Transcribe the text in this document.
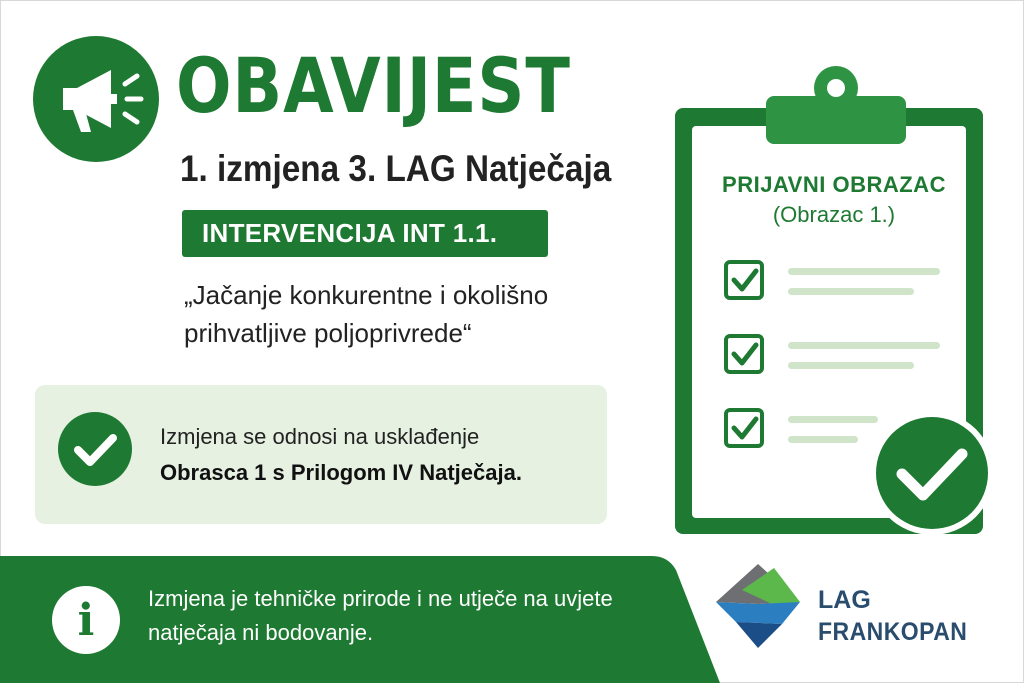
OBAVIJEST
1. izmjena 3. LAG Natječaja
INTERVENCIJA INT 1.1.
„Jačanje konkurentne i okolišno
prihvatljive poljoprivrede“
Izmjena se odnosi na usklađenje
Obrasca 1 s Prilogom IV Natječaja.
i	Izmjena je tehničke prirode i ne utječe na uvjete
natječaja ni bodovanje.
PRIJAVNI OBRAZAC
(Obrazac 1.)
LAG
FRANKOPAN
